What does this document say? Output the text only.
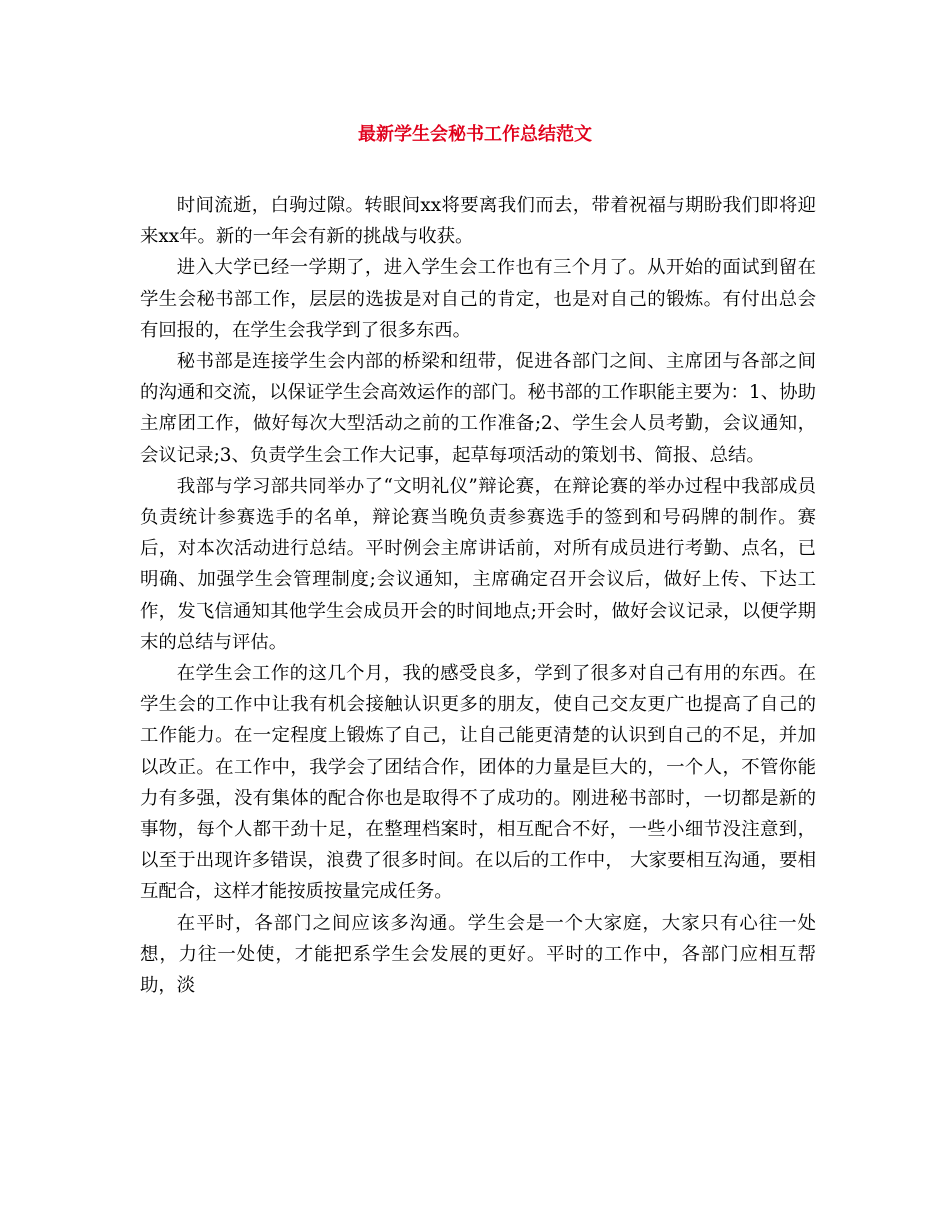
最新学生会秘书工作总结范文

时间流逝，白驹过隙。转眼间xx将要离我们而去，带着祝福与期盼我们即将迎来xx年。新的一年会有新的挑战与收获。

进入大学已经一学期了，进入学生会工作也有三个月了。从开始的面试到留在学生会秘书部工作，层层的选拔是对自己的肯定，也是对自己的锻炼。有付出总会有回报的，在学生会我学到了很多东西。

秘书部是连接学生会内部的桥梁和纽带，促进各部门之间、主席团与各部之间的沟通和交流，以保证学生会高效运作的部门。秘书部的工作职能主要为：1、协助主席团工作，做好每次大型活动之前的工作准备;2、学生会人员考勤，会议通知，会议记录;3、负责学生会工作大记事，起草每项活动的策划书、简报、总结。

我部与学习部共同举办了“文明礼仪”辩论赛，在辩论赛的举办过程中我部成员负责统计参赛选手的名单，辩论赛当晚负责参赛选手的签到和号码牌的制作。赛后，对本次活动进行总结。平时例会主席讲话前，对所有成员进行考勤、点名，已明确、加强学生会管理制度;会议通知，主席确定召开会议后，做好上传、下达工作，发飞信通知其他学生会成员开会的时间地点;开会时，做好会议记录，以便学期末的总结与评估。

在学生会工作的这几个月，我的感受良多，学到了很多对自己有用的东西。在学生会的工作中让我有机会接触认识更多的朋友，使自己交友更广也提高了自己的工作能力。在一定程度上锻炼了自己，让自己能更清楚的认识到自己的不足，并加以改正。在工作中，我学会了团结合作，团体的力量是巨大的，一个人，不管你能力有多强，没有集体的配合你也是取得不了成功的。刚进秘书部时，一切都是新的事物，每个人都干劲十足，在整理档案时，相互配合不好，一些小细节没注意到，以至于出现许多错误，浪费了很多时间。在以后的工作中， 大家要相互沟通，要相互配合，这样才能按质按量完成任务。

在平时，各部门之间应该多沟通。学生会是一个大家庭，大家只有心往一处想，力往一处使，才能把系学生会发展的更好。平时的工作中，各部门应相互帮助，淡
